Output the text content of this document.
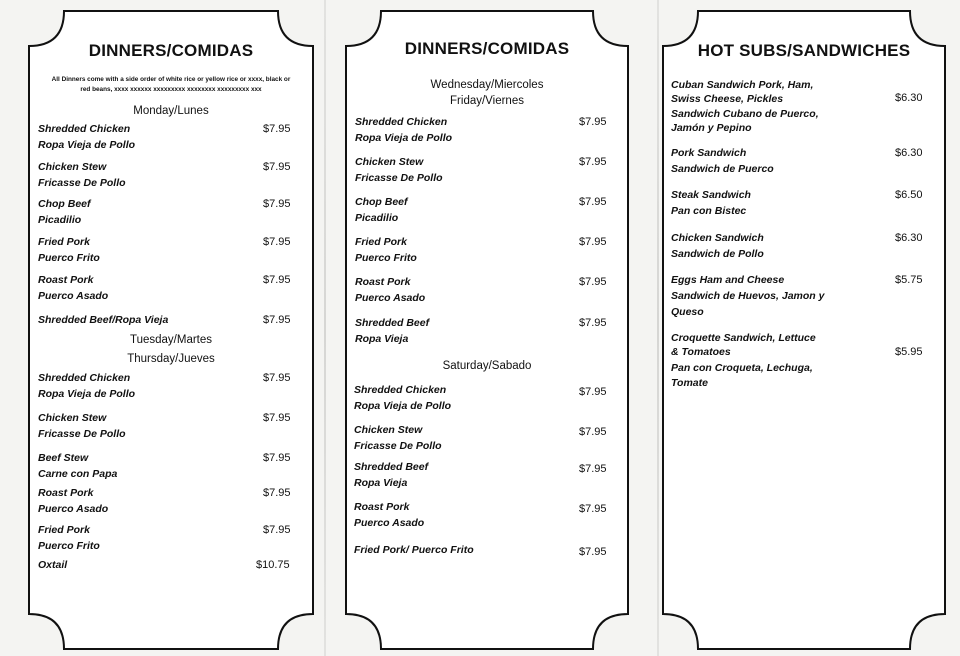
DINNERS/COMIDAS
All Dinners come with a side order of white rice or yellow rice or xxxx, black or red beans, xxxx xxxxxx xxxxxxxxx xxxxxxxx xxxxxxxxx xxx
Monday/Lunes
Shredded Chicken
Ropa Vieja de Pollo
$7.95
Chicken Stew
Fricasse De Pollo
$7.95
Chop Beef
Picadilio
$7.95
Fried Pork
Puerco Frito
$7.95
Roast Pork
Puerco Asado
$7.95
Shredded Beef/Ropa Vieja	$7.95
Tuesday/Martes
Thursday/Jueves
Shredded Chicken
Ropa Vieja de Pollo
$7.95
Chicken Stew
Fricasse De Pollo
$7.95
Beef Stew
Carne con Papa
$7.95
Roast Pork
Puerco Asado
$7.95
Fried Pork
Puerco Frito
$7.95
Oxtail	$10.75
DINNERS/COMIDAS
Wednesday/Miercoles
Friday/Viernes
Shredded Chicken
Ropa Vieja de Pollo
$7.95
Chicken Stew
Fricasse De Pollo
$7.95
Chop Beef
Picadilio
$7.95
Fried Pork
Puerco Frito
$7.95
Roast Pork
Puerco Asado
$7.95
Shredded Beef
Ropa Vieja
$7.95
Saturday/Sabado
Shredded Chicken
Ropa Vieja de Pollo
$7.95
Chicken Stew
Fricasse De Pollo
$7.95
Shredded Beef
Ropa Vieja
$7.95
Roast Pork
Puerco Asado
$7.95
Fried Pork/ Puerco Frito	$7.95
HOT SUBS/SANDWICHES
Cuban Sandwich Pork, Ham,
Swiss Cheese, Pickles
Sandwich Cubano de Puerco,
Jamón y Pepino
$6.30
Pork Sandwich
Sandwich de Puerco
$6.30
Steak Sandwich
Pan con Bistec
$6.50
Chicken Sandwich
Sandwich de Pollo
$6.30
Eggs Ham and Cheese
Sandwich de Huevos, Jamon y
Queso
$5.75
Croquette Sandwich, Lettuce
& Tomatoes
Pan con Croqueta, Lechuga,
Tomate
$5.95
